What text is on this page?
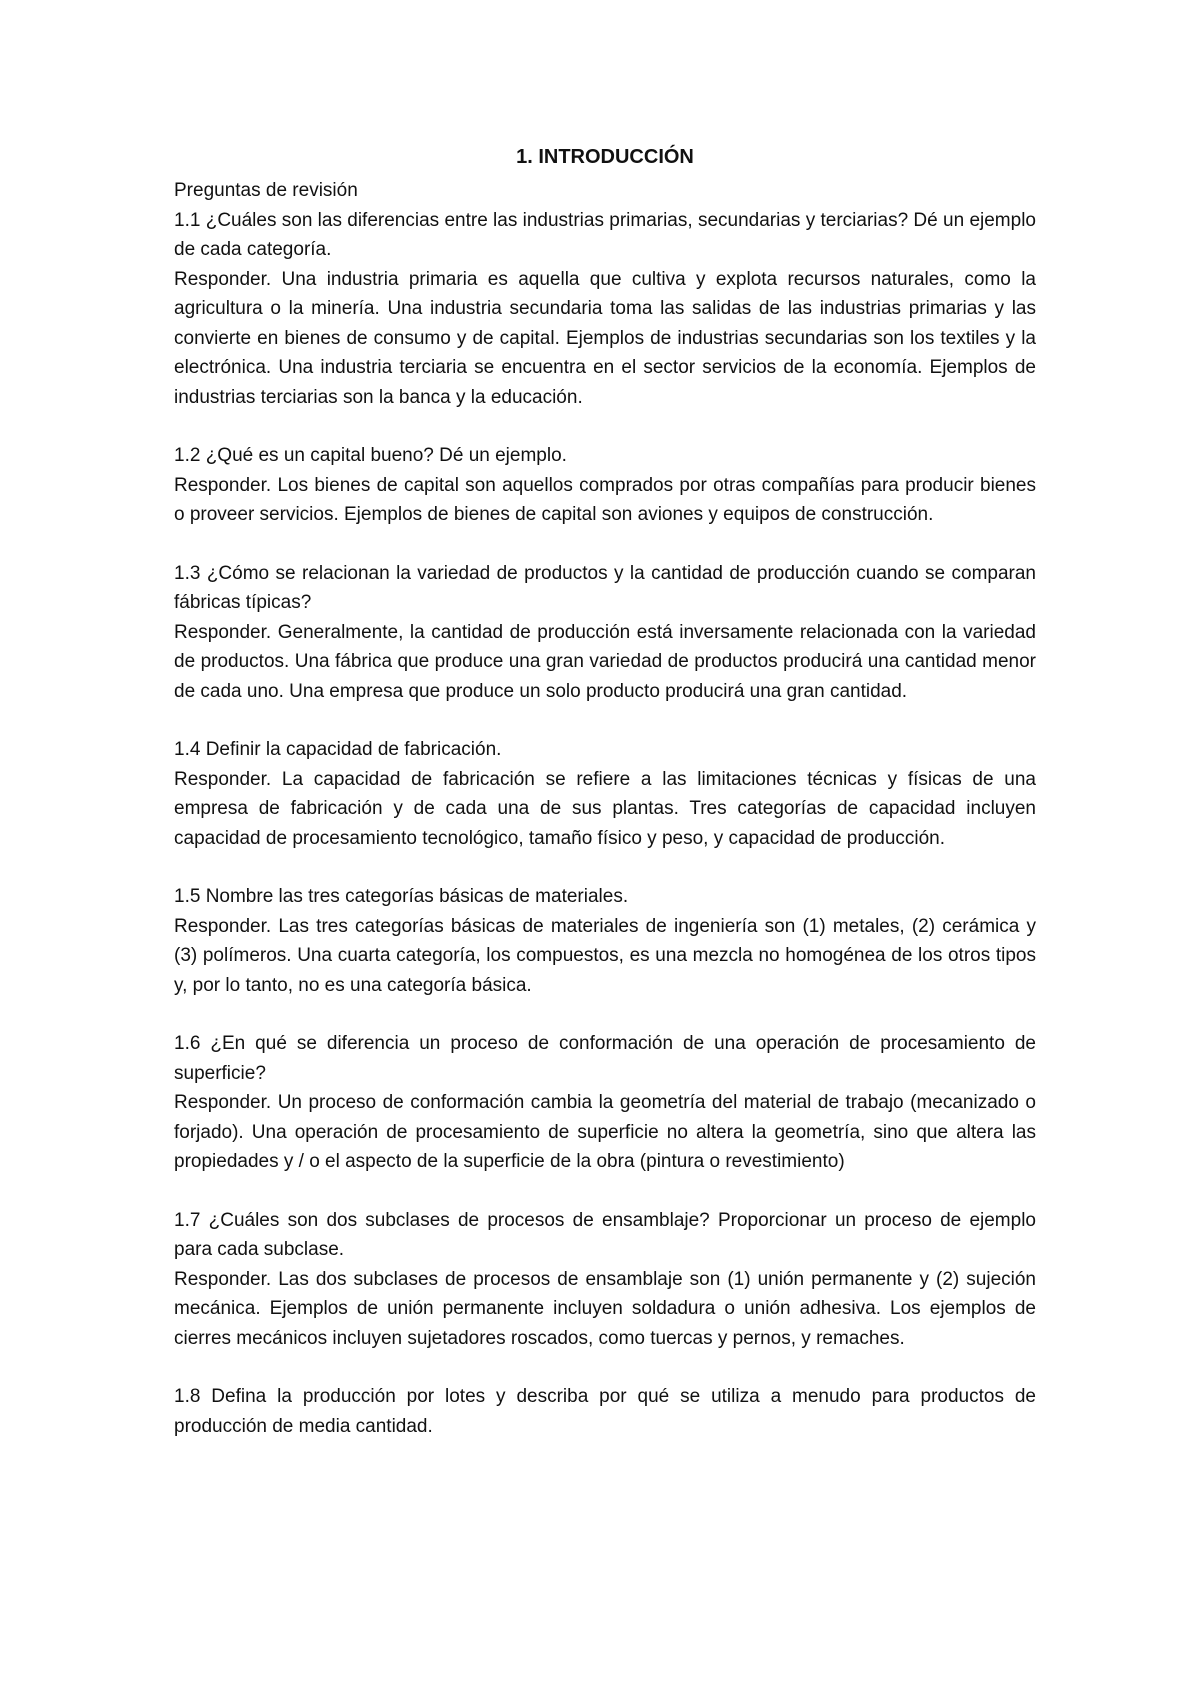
1. INTRODUCCIÓN

Preguntas de revisión

1.1 ¿Cuáles son las diferencias entre las industrias primarias, secundarias y terciarias? Dé un ejemplo de cada categoría.

Responder. Una industria primaria es aquella que cultiva y explota recursos naturales, como la agricultura o la minería. Una industria secundaria toma las salidas de las industrias primarias y las convierte en bienes de consumo y de capital. Ejemplos de industrias secundarias son los textiles y la electrónica. Una industria terciaria se encuentra en el sector servicios de la economía. Ejemplos de industrias terciarias son la banca y la educación.

1.2 ¿Qué es un capital bueno? Dé un ejemplo.

Responder. Los bienes de capital son aquellos comprados por otras compañías para producir bienes o proveer servicios. Ejemplos de bienes de capital son aviones y equipos de construcción.

1.3 ¿Cómo se relacionan la variedad de productos y la cantidad de producción cuando se comparan fábricas típicas?

Responder. Generalmente, la cantidad de producción está inversamente relacionada con la variedad de productos. Una fábrica que produce una gran variedad de productos producirá una cantidad menor de cada uno. Una empresa que produce un solo producto producirá una gran cantidad.

1.4 Definir la capacidad de fabricación.

Responder. La capacidad de fabricación se refiere a las limitaciones técnicas y físicas de una empresa de fabricación y de cada una de sus plantas. Tres categorías de capacidad incluyen capacidad de procesamiento tecnológico, tamaño físico y peso, y capacidad de producción.

1.5 Nombre las tres categorías básicas de materiales.

Responder. Las tres categorías básicas de materiales de ingeniería son (1) metales, (2) cerámica y (3) polímeros. Una cuarta categoría, los compuestos, es una mezcla no homogénea de los otros tipos y, por lo tanto, no es una categoría básica.

1.6 ¿En qué se diferencia un proceso de conformación de una operación de procesamiento de superficie?

Responder. Un proceso de conformación cambia la geometría del material de trabajo (mecanizado o forjado). Una operación de procesamiento de superficie no altera la geometría, sino que altera las propiedades y / o el aspecto de la superficie de la obra (pintura o revestimiento)

1.7 ¿Cuáles son dos subclases de procesos de ensamblaje? Proporcionar un proceso de ejemplo para cada subclase.

Responder. Las dos subclases de procesos de ensamblaje son (1) unión permanente y (2) sujeción mecánica. Ejemplos de unión permanente incluyen soldadura o unión adhesiva. Los ejemplos de cierres mecánicos incluyen sujetadores roscados, como tuercas y pernos, y remaches.

1.8 Defina la producción por lotes y describa por qué se utiliza a menudo para productos de producción de media cantidad.
